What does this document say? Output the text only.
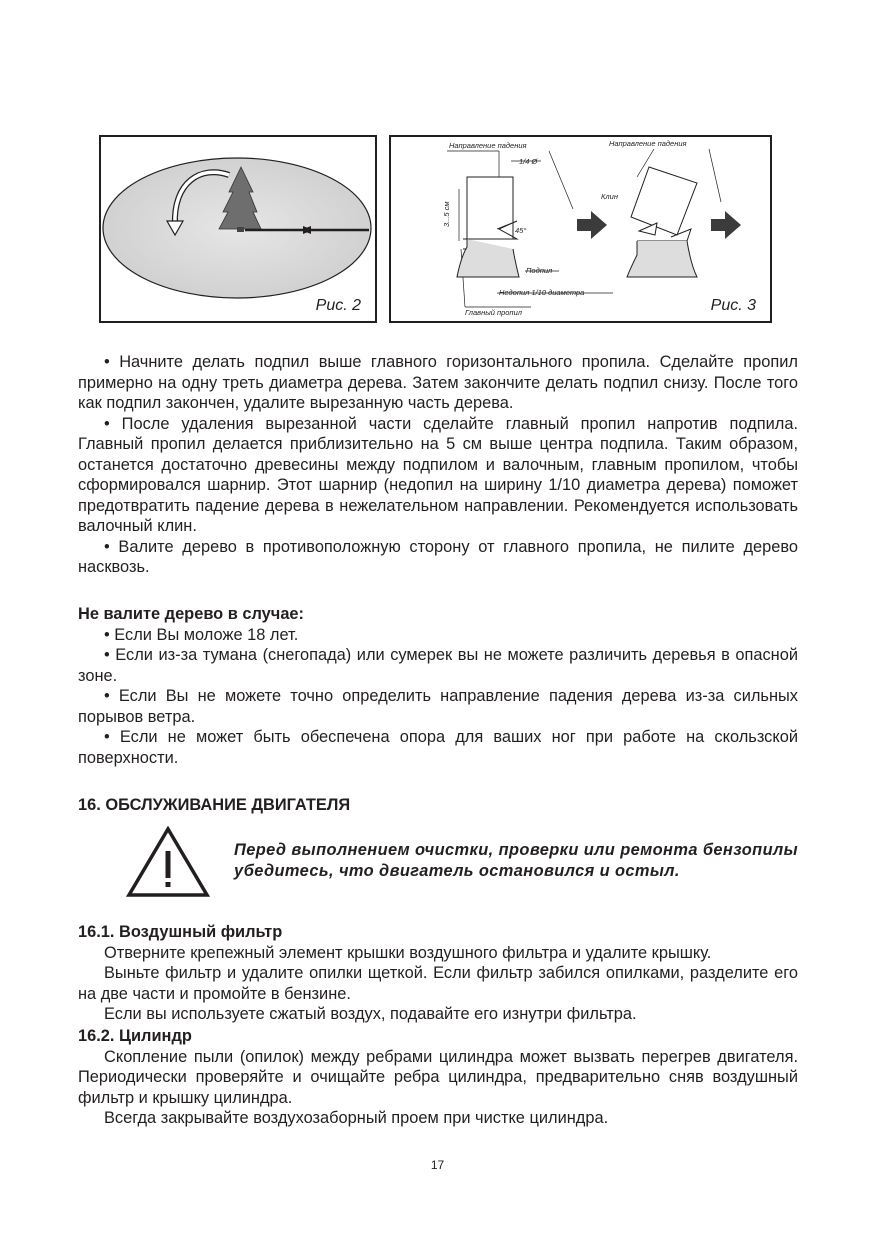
Рис. 2
Направление падения	Направление падения
1/4 Ø
3...5 см
45°
Клин
Подпил
Недопил 1/10 диаметра
Главный пропил	Рис. 3

• Начните делать подпил выше главного горизонтального пропила. Сделайте пропил примерно на одну треть диаметра дерева. Затем закончите делать подпил снизу. После того как подпил закончен, удалите вырезанную часть дерева.

• После удаления вырезанной части сделайте главный пропил напротив подпила. Главный пропил делается приблизительно на 5 см выше центра подпила. Таким образом, останется достаточно древесины между подпилом и валочным, главным пропилом, чтобы сформировался шарнир. Этот шарнир (недопил на ширину 1/10 диаметра дерева) поможет предотвратить падение дерева в нежелательном направлении. Рекомендуется использовать валочный клин.

• Валите дерево в противоположную сторону от главного пропила, не пилите дерево насквозь.

Не валите дерево в случае:

• Если Вы моложе 18 лет.

• Если из-за тумана (снегопада) или сумерек вы не можете различить деревья в опасной зоне.

• Если Вы не можете точно определить направление падения дерева из-за сильных порывов ветра.

• Если не может быть обеспечена опора для ваших ног при работе на скользской поверхности.

16. ОБСЛУЖИВАНИЕ ДВИГАТЕЛЯ
Перед выполнением очистки, проверки или ремонта бензопилы убедитесь, что двигатель остановился и остыл.

16.1. Воздушный фильтр

Отверните крепежный элемент крышки воздушного фильтра и удалите крышку.

Выньте фильтр и удалите опилки щеткой. Если фильтр забился опилками, разделите его на две части и промойте в бензине.

Если вы используете сжатый воздух, подавайте его изнутри фильтра.

16.2. Цилиндр

Скопление пыли (опилок) между ребрами цилиндра может вызвать перегрев двигателя. Периодически проверяйте и очищайте ребра цилиндра, предварительно сняв воздушный фильтр и крышку цилиндра.

Всегда закрывайте воздухозаборный проем при чистке цилиндра.

17
